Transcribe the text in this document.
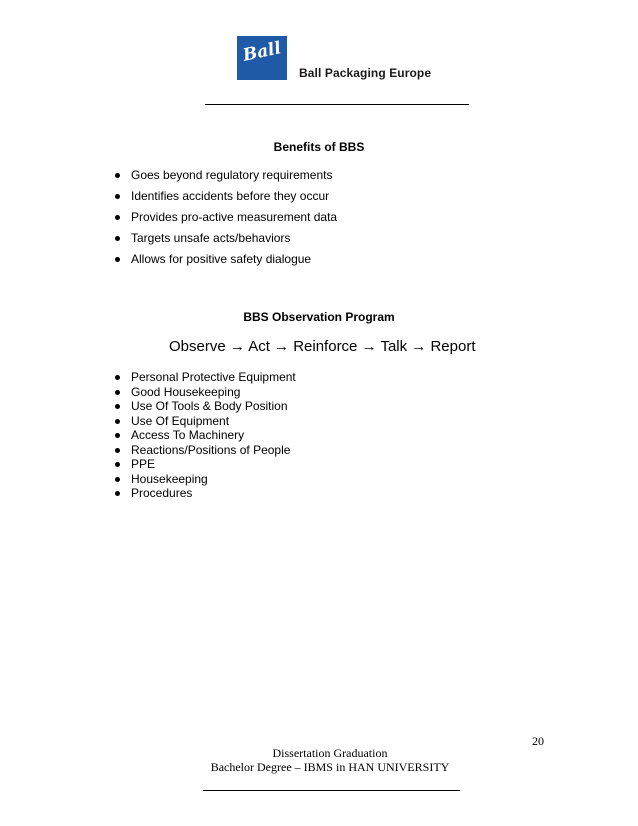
Ball
Ball Packaging Europe
Benefits of BBS
Goes beyond regulatory requirements
Identifies accidents before they occur
Provides pro-active measurement data
Targets unsafe acts/behaviors
Allows for positive safety dialogue
BBS Observation Program
Observe → Act → Reinforce → Talk → Report
Personal Protective Equipment
Good Housekeeping
Use Of Tools & Body Position
Use Of Equipment
Access To Machinery
Reactions/Positions of People
PPE
Housekeeping
Procedures
20
Dissertation Graduation
Bachelor Degree – IBMS in HAN UNIVERSITY
